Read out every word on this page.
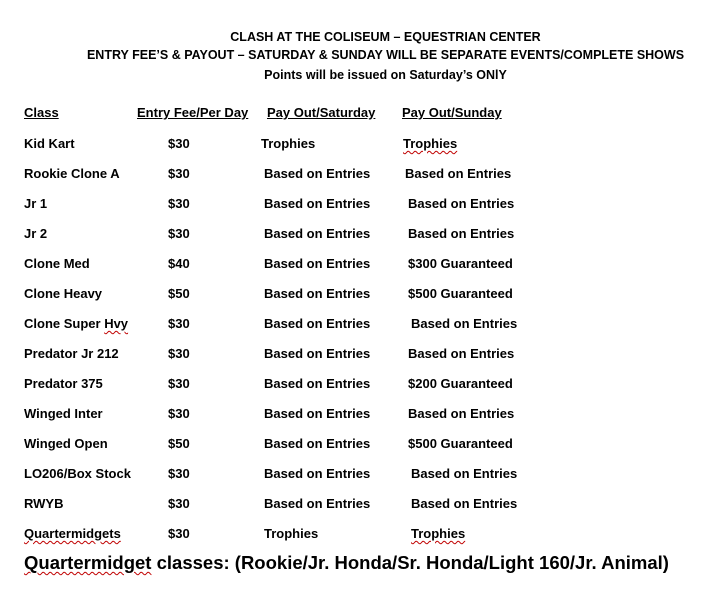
CLASH AT THE COLISEUM – EQUESTRIAN CENTER
ENTRY FEE’S & PAYOUT – SATURDAY & SUNDAY WILL BE SEPARATE EVENTS/COMPLETE SHOWS
Points will be issued on Saturday’s ONlY
Class	Entry Fee/Per Day Pay Out/Saturday Pay Out/Sunday
Kid Kart	$30	Trophies	Trophies
Rookie Clone A	$30	Based on Entries	Based on Entries
Jr 1	$30	Based on Entries	Based on Entries
Jr 2	$30	Based on Entries	Based on Entries
Clone Med	$40	Based on Entries	$300 Guaranteed
Clone Heavy	$50	Based on Entries	$500 Guaranteed
Clone Super Hvy	$30	Based on Entries	Based on Entries
Predator Jr 212	$30	Based on Entries	Based on Entries
Predator 375	$30	Based on Entries	$200 Guaranteed
Winged Inter	$30	Based on Entries	Based on Entries
Winged Open	$50	Based on Entries	$500 Guaranteed
LO206/Box Stock	$30	Based on Entries	Based on Entries
RWYB	$30	Based on Entries	Based on Entries
Quartermidgets	$30	Trophies	Trophies
Quartermidget classes: (Rookie/Jr. Honda/Sr. Honda/Light 160/Jr. Animal)
